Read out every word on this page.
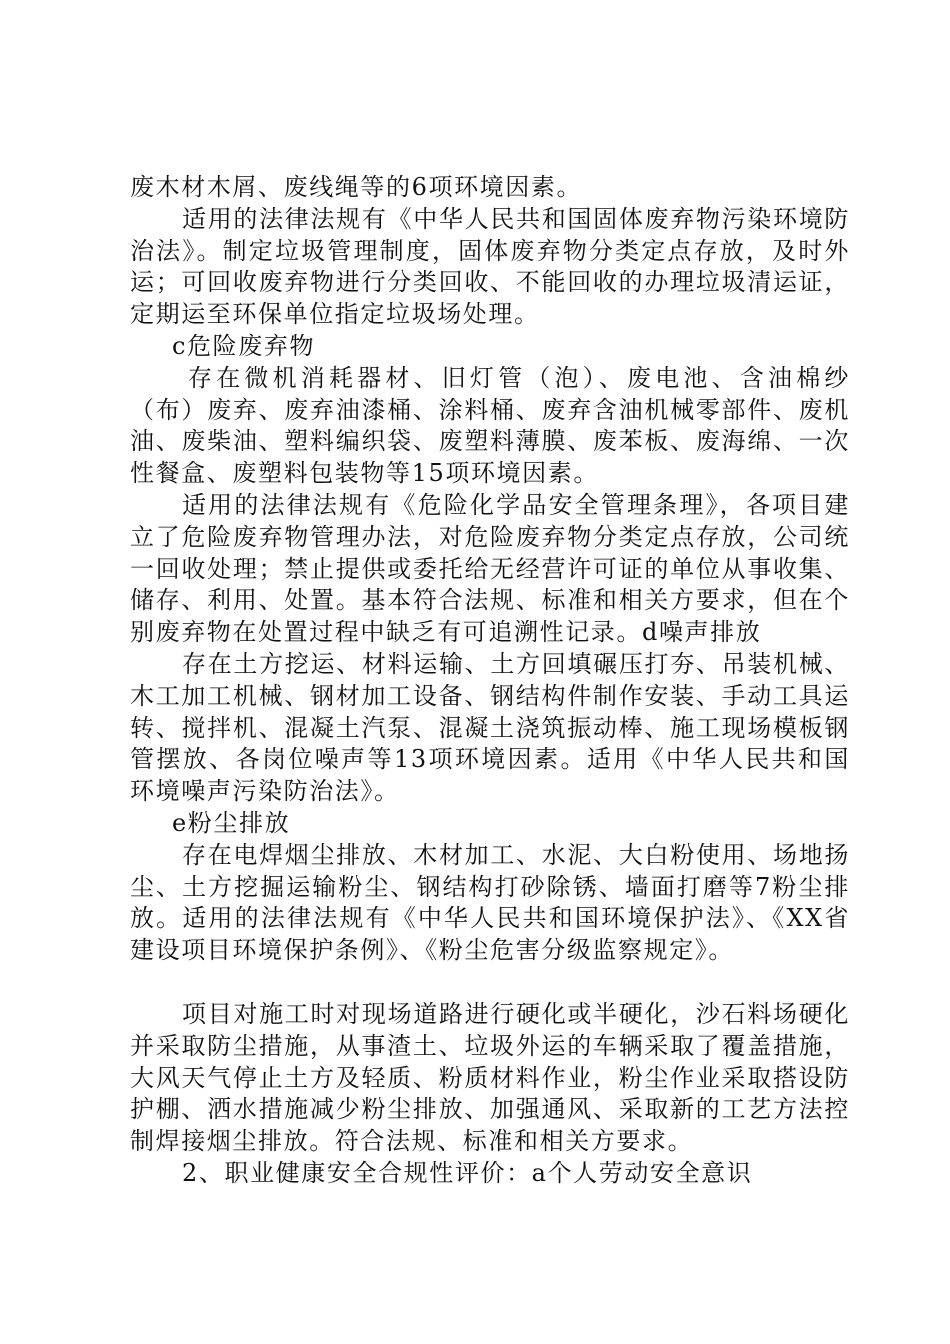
废木材木屑、废线绳等的6项环境因素。

适用的法律法规有《中华人民共和国固体废弃物污染环境防治法》。制定垃圾管理制度，固体废弃物分类定点存放，及时外运；可回收废弃物进行分类回收、不能回收的办理垃圾清运证，定期运至环保单位指定垃圾场处理。

c危险废弃物

存在微机消耗器材、旧灯管（泡）、废电池、含油棉纱（布）废弃、废弃油漆桶、涂料桶、废弃含油机械零部件、废机油、废柴油、塑料编织袋、废塑料薄膜、废苯板、废海绵、一次性餐盒、废塑料包装物等15项环境因素。

适用的法律法规有《危险化学品安全管理条理》，各项目建立了危险废弃物管理办法，对危险废弃物分类定点存放，公司统一回收处理；禁止提供或委托给无经营许可证的单位从事收集、储存、利用、处置。基本符合法规、标准和相关方要求，但在个别废弃物在处置过程中缺乏有可追溯性记录。d噪声排放

存在土方挖运、材料运输、土方回填碾压打夯、吊装机械、木工加工机械、钢材加工设备、钢结构件制作安装、手动工具运转、搅拌机、混凝土汽泵、混凝土浇筑振动棒、施工现场模板钢管摆放、各岗位噪声等13项环境因素。适用《中华人民共和国环境噪声污染防治法》。

e粉尘排放

存在电焊烟尘排放、木材加工、水泥、大白粉使用、场地扬尘、土方挖掘运输粉尘、钢结构打砂除锈、墙面打磨等7粉尘排放。适用的法律法规有《中华人民共和国环境保护法》、《XX省建设项目环境保护条例》、《粉尘危害分级监察规定》。

项目对施工时对现场道路进行硬化或半硬化，沙石料场硬化并采取防尘措施，从事渣土、垃圾外运的车辆采取了覆盖措施，大风天气停止土方及轻质、粉质材料作业，粉尘作业采取搭设防护棚、洒水措施减少粉尘排放、加强通风、采取新的工艺方法控制焊接烟尘排放。符合法规、标准和相关方要求。

2、职业健康安全合规性评价：a个人劳动安全意识
